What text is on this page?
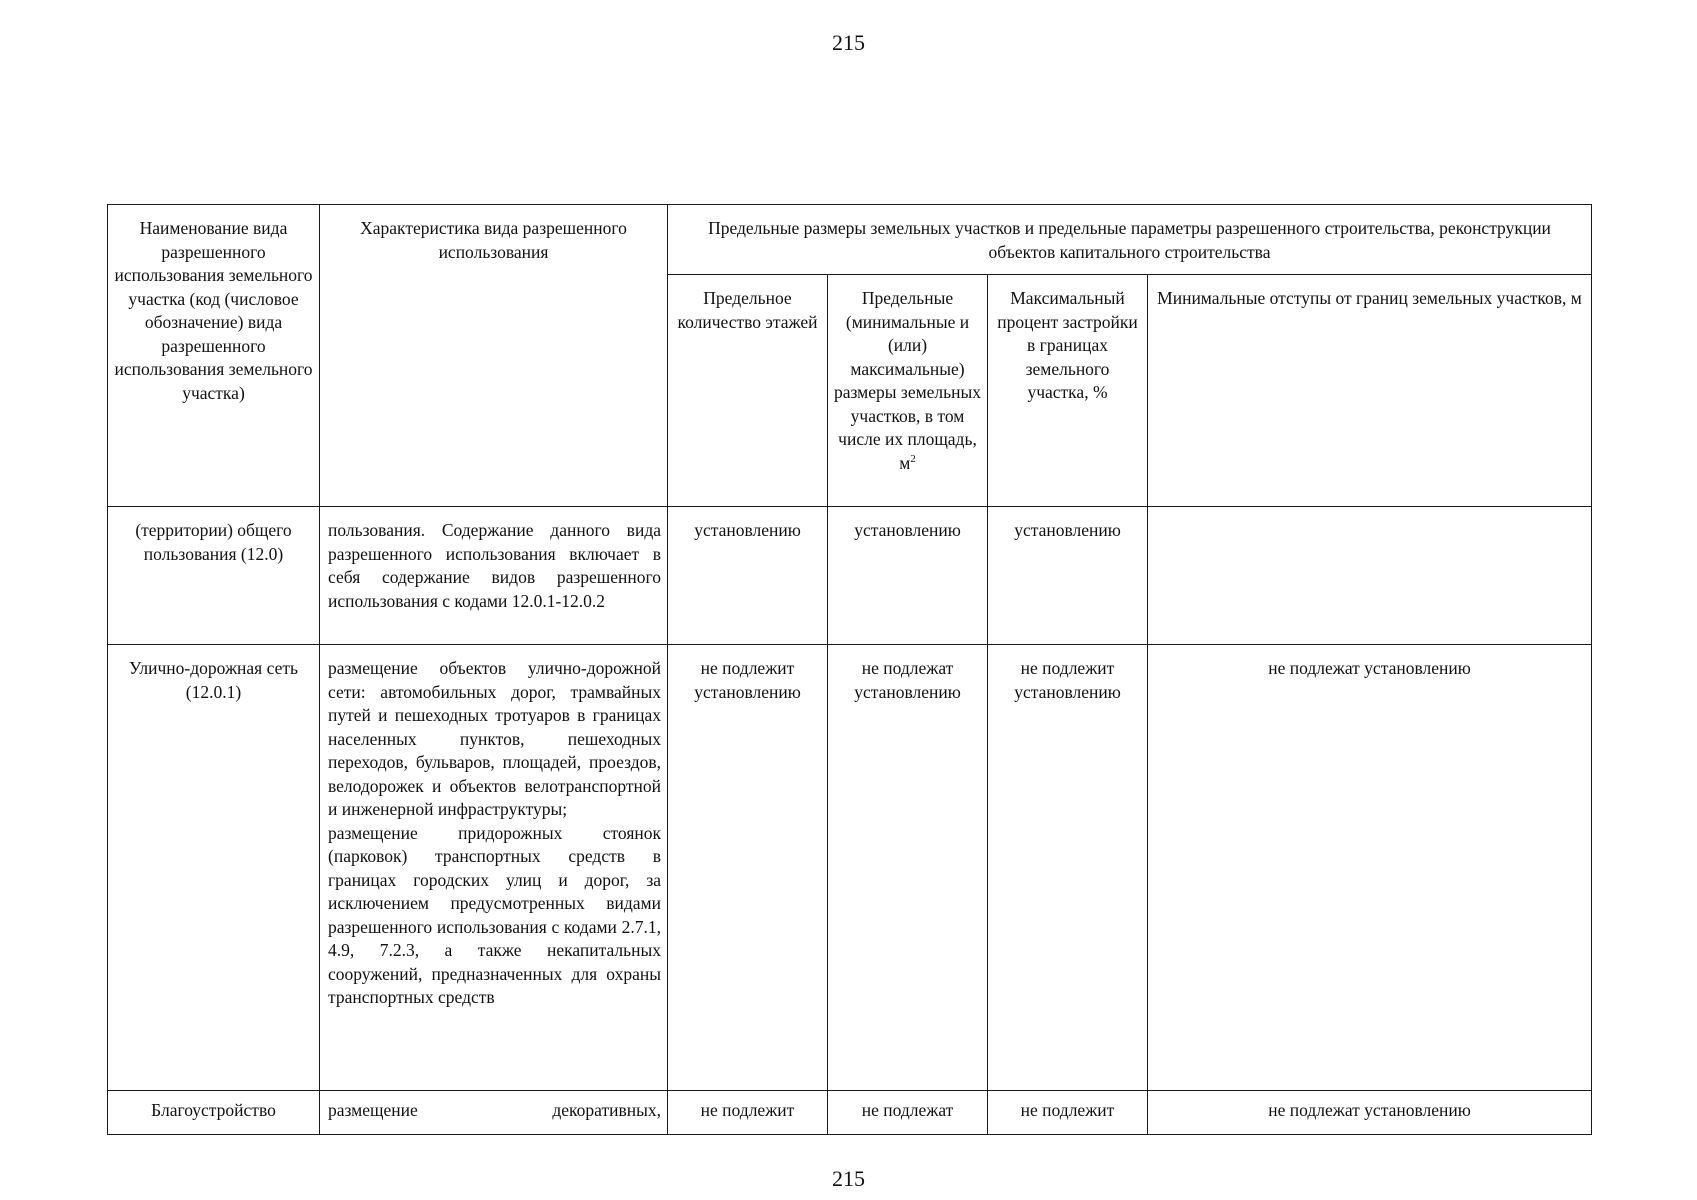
215
Наименование вида разрешенного использования земельного участка (код (числовое обозначение) вида разрешенного использования земельного участка)	Характеристика вида разрешенного использования	Предельные размеры земельных участков и предельные параметры разрешенного строительства, реконструкции объектов капитального строительства			
		Предельное количество этажей	Предельные (минимальные и (или) максимальные) размеры земельных участков, в том числе их площадь, $м^2$	Максимальный процент застройки в границах земельного участка, %	Минимальные отступы от границ земельных участков, м
(территории) общего пользования (12.0)	пользования. Содержание данного вида разрешенного использования включает в себя содержание видов разрешенного использования с кодами 12.0.1-12.0.2	установлению	установлению	установлению	
Улично-дорожная сеть (12.0.1)	размещение объектов улично-дорожной сети: автомобильных дорог, трамвайных путей и пешеходных тротуаров в границах населенных пунктов, пешеходных переходов, бульваров, площадей, проездов, велодорожек и объектов велотранспортной и инженерной инфраструктуры;
размещение придорожных стоянок (парковок) транспортных средств в границах городских улиц и дорог, за исключением предусмотренных видами разрешенного использования с кодами 2.7.1, 4.9, 7.2.3, а также некапитальных сооружений, предназначенных для охраны транспортных средств	не подлежит установлению	не подлежат установлению	не подлежит установлению	не подлежат установлению
Благоустройство	размещение декоративных,	не подлежит	не подлежат	не подлежит	не подлежат установлению
215
